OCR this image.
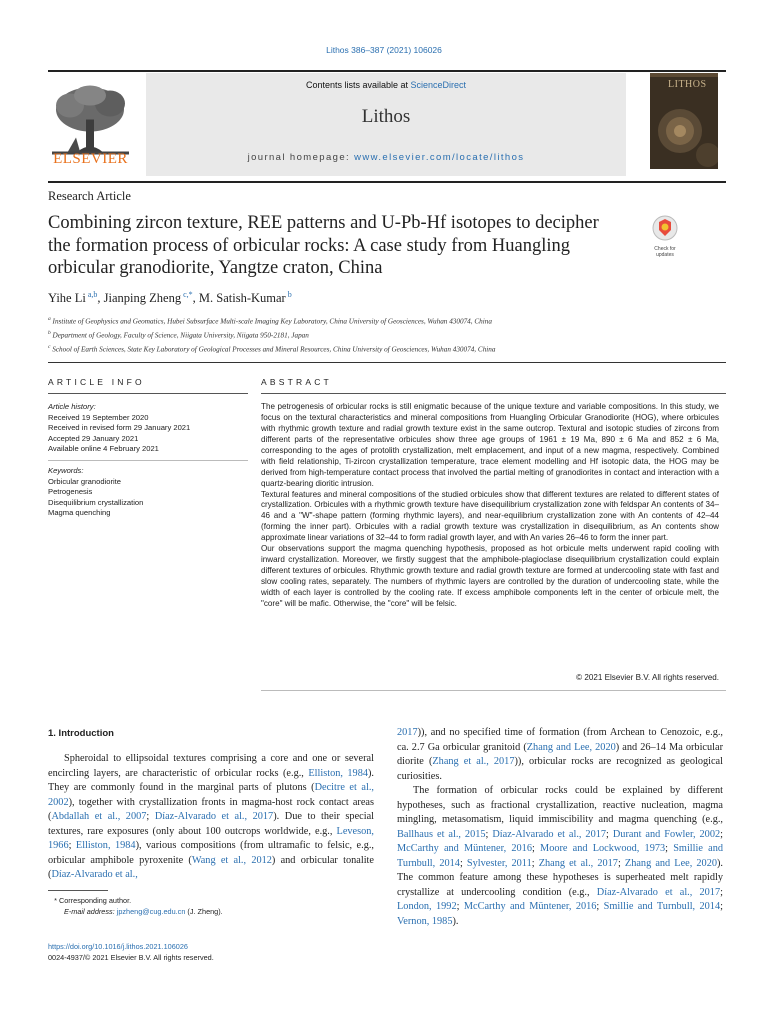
Lithos 386–387 (2021) 106026
Contents lists available at ScienceDirect
Lithos
journal homepage: www.elsevier.com/locate/lithos
ELSEVIER
LITHOS
Research Article
Combining zircon texture, REE patterns and U-Pb-Hf isotopes to decipher the formation process of orbicular rocks: A case study from Huangling orbicular granodiorite, Yangtze craton, China
Check for
updates
Yihe Li $^{a,b}$, Jianping Zheng $^{c,*}$, M. Satish-Kumar $^b$
$^a$ Institute of Geophysics and Geomatics, Hubei Subsurface Multi-scale Imaging Key Laboratory, China University of Geosciences, Wuhan 430074, China
$^b$ Department of Geology, Faculty of Science, Niigata University, Niigata 950-2181, Japan
$^c$ School of Earth Sciences, State Key Laboratory of Geological Processes and Mineral Resources, China University of Geosciences, Wuhan 430074, China
ARTICLE INFO
Article history:
Received 19 September 2020
Received in revised form 29 January 2021
Accepted 29 January 2021
Available online 4 February 2021
Keywords:
Orbicular granodiorite
Petrogenesis
Disequilibrium crystallization
Magma quenching
ABSTRACT

The petrogenesis of orbicular rocks is still enigmatic because of the unique texture and variable compositions. In this study, we focus on the textural characteristics and mineral compositions from Huangling Orbicular Granodiorite (HOG), where orbicules with rhythmic growth texture and radial growth texture exist in the same outcrop. Textural and isotopic studies of zircons from different parts of the representative orbicules show three age groups of 1961 ± 19 Ma, 890 ± 6 Ma and 852 ± 6 Ma, corresponding to the ages of protolith crystallization, melt emplacement, and input of a new magma, respectively. Combined with field relationship, Ti-zircon crystallization temperature, trace element modelling and Hf isotopic data, the HOG may be derived from high-temperature contact process that involved the partial melting of granodiorites in contact and interaction with a quartz-bearing dioritic intrusion.

Textural features and mineral compositions of the studied orbicules show that different textures are related to different states of crystallization. Orbicules with a rhythmic growth texture have disequilibrium crystallization zone with feldspar An contents of 34–46 and a "W"-shape pattern (forming rhythmic layers), and near-equilibrium crystallization zone with An contents of 42–44 (forming the inner part). Orbicules with a radial growth texture was crystallization in disequilibrium, as An contents show approximate linear variations of 32–44 to form radial growth layer, and with An varies 26–46 to form the inner part.

Our observations support the magma quenching hypothesis, proposed as hot orbicule melts underwent rapid cooling with inward crystallization. Moreover, we firstly suggest that the amphibole-plagioclase disequilibrium crystallization could explain different textures of orbicules. Rhythmic growth texture and radial growth texture are formed at undercooling state with fast and slow cooling rates, separately. The numbers of rhythmic layers are controlled by the duration of undercooling state, while the width of each layer is controlled by the cooling rate. If excess amphibole components left in the center of orbicule melt, the "core" will be mafic. Otherwise, the "core" will be felsic.

© 2021 Elsevier B.V. All rights reserved.
1. Introduction

Spheroidal to ellipsoidal textures comprising a core and one or several encircling layers, are characteristic of orbicular rocks (e.g., Elliston, 1984). They are commonly found in the marginal parts of plutons (Decitre et al., 2002), together with crystallization fronts in magma-host rock contact areas (Abdallah et al., 2007; Díaz-Alvarado et al., 2017). Due to their special textures, rare exposures (only about 100 outcrops worldwide, e.g., Leveson, 1966; Elliston, 1984), various compositions (from ultramafic to felsic, e.g., orbicular amphibole pyroxenite (Wang et al., 2012) and orbicular tonalite (Díaz-Alvarado et al.,

2017)), and no specified time of formation (from Archean to Cenozoic, e.g., ca. 2.7 Ga orbicular granitoid (Zhang and Lee, 2020) and 26–14 Ma orbicular diorite (Zhang et al., 2017)), orbicular rocks are recognized as geological curiosities.

The formation of orbicular rocks could be explained by different hypotheses, such as fractional crystallization, reactive nucleation, magma mingling, metasomatism, liquid immiscibility and magma quenching (e.g., Ballhaus et al., 2015; Díaz-Alvarado et al., 2017; Durant and Fowler, 2002; McCarthy and Müntener, 2016; Moore and Lockwood, 1973; Smillie and Turnbull, 2014; Sylvester, 2011; Zhang et al., 2017; Zhang and Lee, 2020). The common feature among these hypotheses is superheated melt rapidly crystallize at undercooling condition (e.g., Díaz-Alvarado et al., 2017; London, 1992; McCarthy and Müntener, 2016; Smillie and Turnbull, 2014; Vernon, 1985).

* Corresponding author.
E-mail address: jpzheng@cug.edu.cn (J. Zheng).
https://doi.org/10.1016/j.lithos.2021.106026
0024-4937/© 2021 Elsevier B.V. All rights reserved.
